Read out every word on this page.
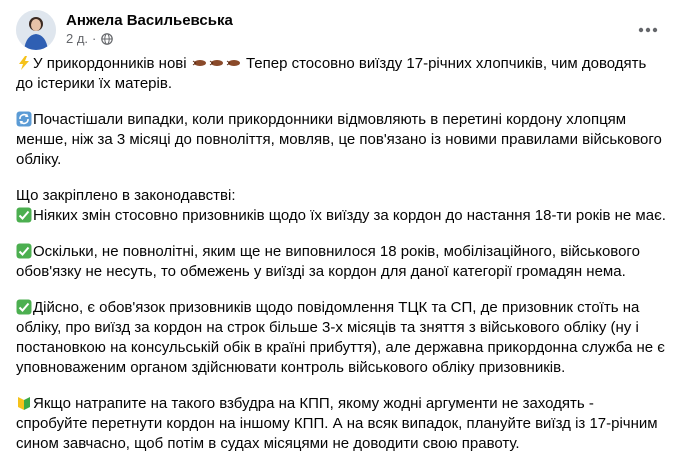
Анжела Васильевська
2 д. ·

У прикордонників нові	Тепер стосовно виїзду 17-річних хлопчиків, чим доводять до істерики їх матерів.

Почастішали випадки, коли прикордонники відмовляють в перетині кордону хлопцям менше, ніж за 3 місяці до повноліття, мовляв, це пов'язано із новими правилами військового обліку.

Що закріплено в законодавстві:

Ніяких змін стосовно призовників щодо їх виїзду за кордон до настання 18-ти років не має.

Оскільки, не повнолітні, яким ще не виповнилося 18 років, мобілізаційного, військового обов'язку не несуть, то обмежень у виїзді за кордон для даної категорії громадян нема.

Дійсно, є обов'язок призовників щодо повідомлення ТЦК та СП, де призовник стоїть на обліку, про виїзд за кордон на строк більше 3-х місяців та зняття з військового обліку (ну і постановкою на консульській обік в країні прибуття), але державна прикордонна служба не є уповноваженим органом здійснювати контроль військового обліку призовників.

Якщо натрапите на такого взбудра на КПП, якому жодні аргументи не заходять - спробуйте перетнути кордон на іншому КПП. А на всяк випадок, плануйте виїзд із 17-річним сином завчасно, щоб потім в судах місяцями не доводити свою правоту.
